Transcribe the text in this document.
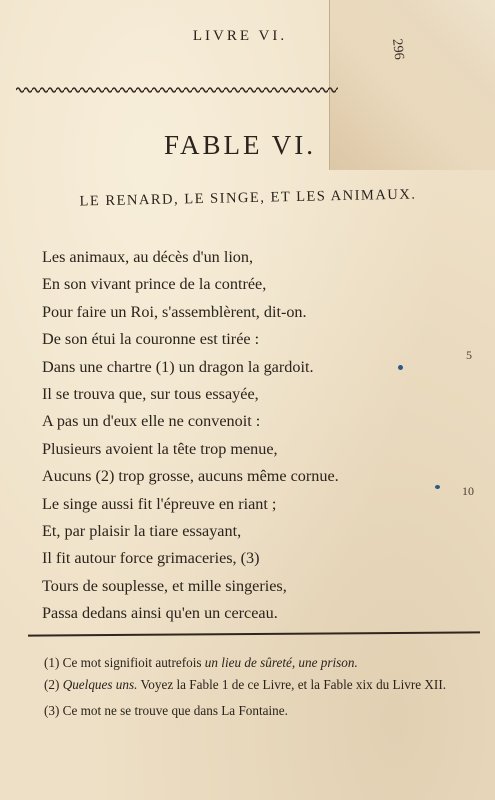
LIVRE VI.
296
FABLE VI.
LE RENARD, LE SINGE, ET LES ANIMAUX.
Les animaux, au décès d'un lion,
En son vivant prince de la contrée,
Pour faire un Roi, s'assemblèrent, dit-on.
De son étui la couronne est tirée :
Dans une chartre (1) un dragon la gardoit.
Il se trouva que, sur tous essayée,
A pas un d'eux elle ne convenoit :
Plusieurs avoient la tête trop menue,
Aucuns (2) trop grosse, aucuns même cornue.
Le singe aussi fit l'épreuve en riant ;
Et, par plaisir la tiare essayant,
Il fit autour force grimaceries, (3)
Tours de souplesse, et mille singeries,
Passa dedans ainsi qu'en un cerceau.
5
10

(1) Ce mot signifioit autrefois un lieu de sûreté, une prison.

(2) Quelques uns. Voyez la Fable 1 de ce Livre, et la Fable xix du Livre XII.

(3) Ce mot ne se trouve que dans La Fontaine.
